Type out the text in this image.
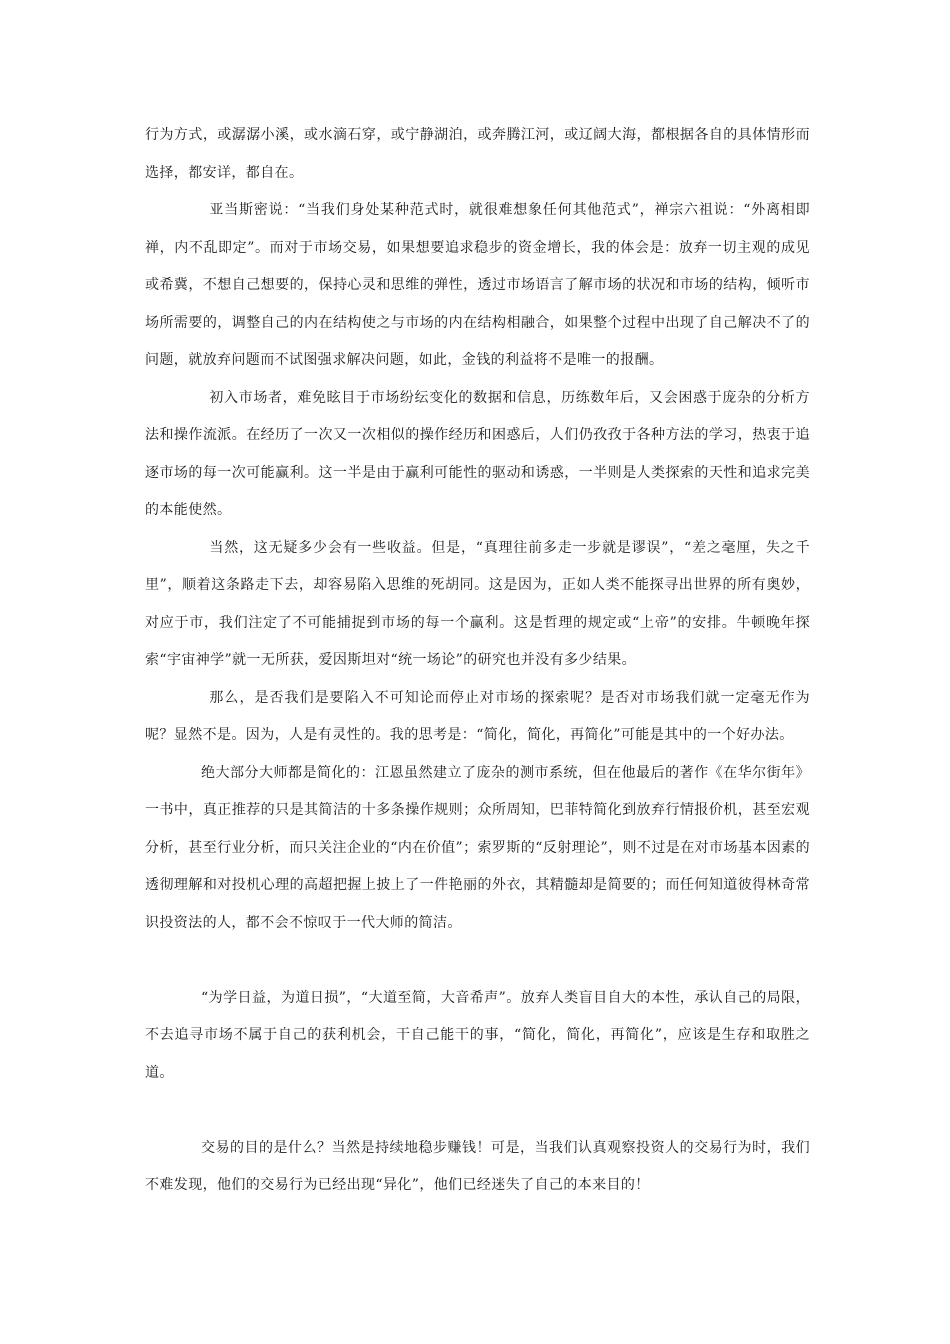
行为方式，或潺潺小溪，或水滴石穿，或宁静湖泊，或奔腾江河，或辽阔大海，都根据各自的具体情形而选择，都安详，都自在。

亚当斯密说：“当我们身处某种范式时，就很难想象任何其他范式”，禅宗六祖说：“外离相即禅，内不乱即定”。而对于市场交易，如果想要追求稳步的资金增长，我的体会是：放弃一切主观的成见或希冀，不想自己想要的，保持心灵和思维的弹性，透过市场语言了解市场的状况和市场的结构，倾听市场所需要的，调整自己的内在结构使之与市场的内在结构相融合，如果整个过程中出现了自己解决不了的问题，就放弃问题而不试图强求解决问题，如此，金钱的利益将不是唯一的报酬。

初入市场者，难免眩目于市场纷纭变化的数据和信息，历练数年后，又会困惑于庞杂的分析方法和操作流派。在经历了一次又一次相似的操作经历和困惑后，人们仍孜孜于各种方法的学习，热衷于追逐市场的每一次可能赢利。这一半是由于赢利可能性的驱动和诱惑，一半则是人类探索的天性和追求完美的本能使然。

当然，这无疑多少会有一些收益。但是，“真理往前多走一步就是谬误”，“差之毫厘，失之千里”，顺着这条路走下去，却容易陷入思维的死胡同。这是因为，正如人类不能探寻出世界的所有奥妙，对应于市，我们注定了不可能捕捉到市场的每一个赢利。这是哲理的规定或“上帝”的安排。牛顿晚年探索“宇宙神学”就一无所获，爱因斯坦对“统一场论”的研究也并没有多少结果。

那么，是否我们是要陷入不可知论而停止对市场的探索呢？是否对市场我们就一定毫无作为呢？显然不是。因为，人是有灵性的。我的思考是：“简化，简化，再简化”可能是其中的一个好办法。

绝大部分大师都是简化的：江恩虽然建立了庞杂的测市系统，但在他最后的著作《在华尔街年》一书中，真正推荐的只是其简洁的十多条操作规则；众所周知，巴菲特简化到放弃行情报价机，甚至宏观分析，甚至行业分析，而只关注企业的“内在价值”；索罗斯的“反射理论”，则不过是在对市场基本因素的透彻理解和对投机心理的高超把握上披上了一件艳丽的外衣，其精髓却是简要的；而任何知道彼得林奇常识投资法的人，都不会不惊叹于一代大师的简洁。

“为学日益，为道日损”，“大道至简，大音希声”。放弃人类盲目自大的本性，承认自己的局限，不去追寻市场不属于自己的获利机会，干自己能干的事，“简化，简化，再简化”，应该是生存和取胜之道。

交易的目的是什么？当然是持续地稳步赚钱！可是，当我们认真观察投资人的交易行为时，我们不难发现，他们的交易行为已经出现“异化”，他们已经迷失了自己的本来目的！
